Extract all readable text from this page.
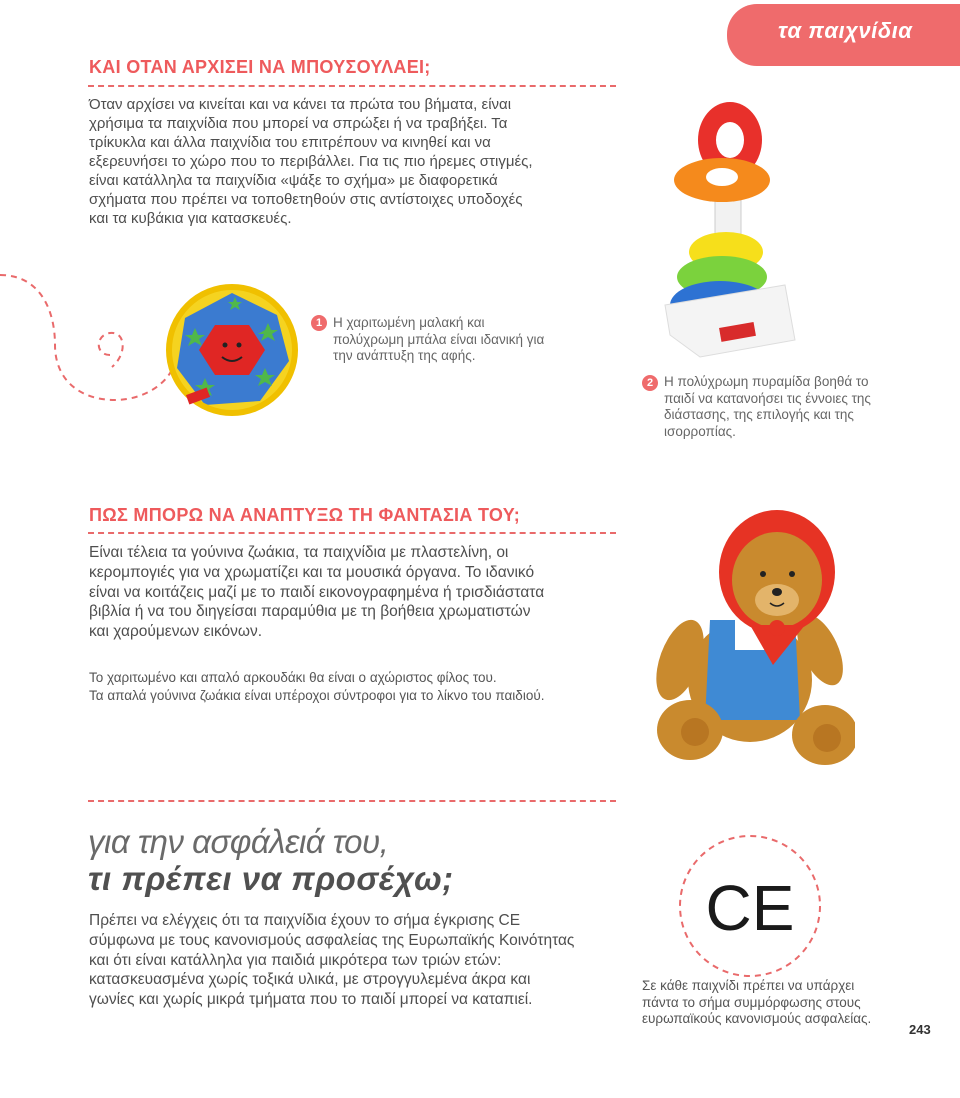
τα παιχνίδια
ΚΑΙ ΟΤΑΝ ΑΡΧΙΣΕΙ ΝΑ ΜΠΟΥΣΟΥΛΑΕΙ;
Όταν αρχίσει να κινείται και να κάνει τα πρώτα του βήματα, είναι
χρήσιμα τα παιχνίδια που μπορεί να σπρώξει ή να τραβήξει. Τα
τρίκυκλα και άλλα παιχνίδια του επιτρέπουν να κινηθεί και να
εξερευνήσει το χώρο που το περιβάλλει. Για τις πιο ήρεμες στιγμές,
είναι κατάλληλα τα παιχνίδια «ψάξε το σχήμα» με διαφορετικά
σχήματα που πρέπει να τοποθετηθούν στις αντίστοιχες υποδοχές
και τα κυβάκια για κατασκευές.
1 Η χαριτωμένη μαλακή και
πολύχρωμη μπάλα είναι ιδανική για
την ανάπτυξη της αφής.
2 Η πολύχρωμη πυραμίδα βοηθά το
παιδί να κατανοήσει τις έννοιες της
διάστασης, της επιλογής και της
ισορροπίας.
ΠΩΣ ΜΠΟΡΩ ΝΑ ΑΝΑΠΤΥΞΩ ΤΗ ΦΑΝΤΑΣΙΑ ΤΟΥ;
Είναι τέλεια τα γούνινα ζωάκια, τα παιχνίδια με πλαστελίνη, οι
κερομπογιές για να χρωματίζει και τα μουσικά όργανα. Το ιδανικό
είναι να κοιτάζεις μαζί με το παιδί εικονογραφημένα ή τρισδιάστατα
βιβλία ή να του διηγείσαι παραμύθια με τη βοήθεια χρωματιστών
και χαρούμενων εικόνων.
Το χαριτωμένο και απαλό αρκουδάκι θα είναι ο αχώριστος φίλος του.
Τα απαλά γούνινα ζωάκια είναι υπέροχοι σύντροφοι για το λίκνο του παιδιού.
για την ασφάλειά του,
τι πρέπει να προσέχω;
Πρέπει να ελέγχεις ότι τα παιχνίδια έχουν το σήμα έγκρισης CE
σύμφωνα με τους κανονισμούς ασφαλείας της Ευρωπαϊκής Κοινότητας
και ότι είναι κατάλληλα για παιδιά μικρότερα των τριών ετών:
κατασκευασμένα χωρίς τοξικά υλικά, με στρογγυλεμένα άκρα και
γωνίες και χωρίς μικρά τμήματα που το παιδί μπορεί να καταπιεί.
CE
Σε κάθε παιχνίδι πρέπει να υπάρχει
πάντα το σήμα συμμόρφωσης στους
ευρωπαϊκούς κανονισμούς ασφαλείας.
243
